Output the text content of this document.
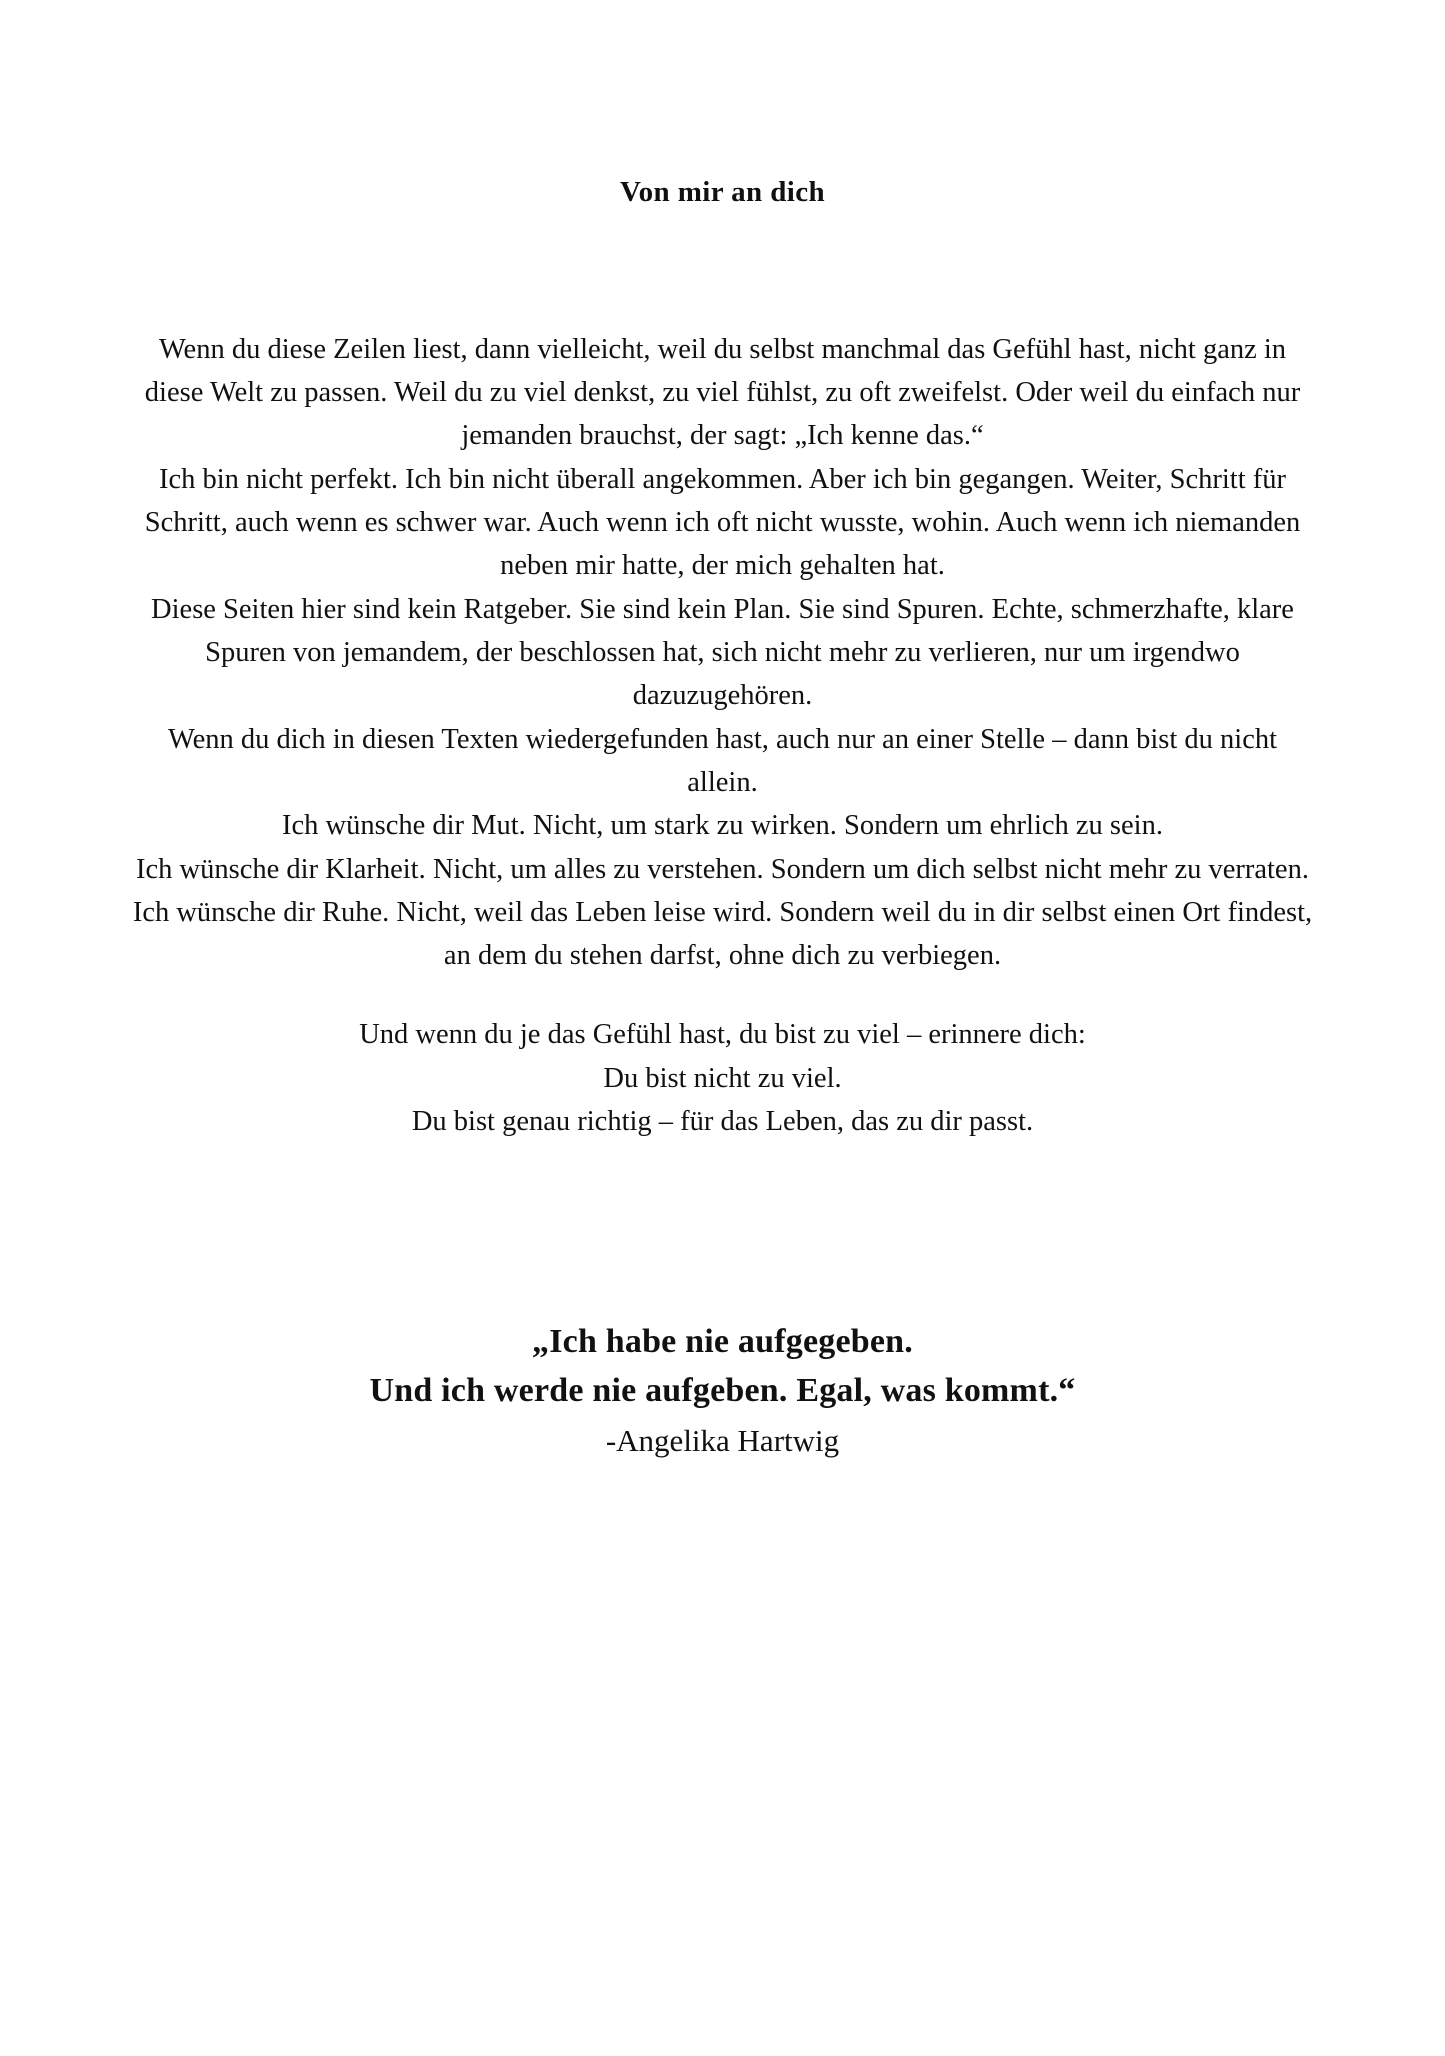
Von mir an dich

Wenn du diese Zeilen liest, dann vielleicht, weil du selbst manchmal das Gefühl hast, nicht ganz in diese Welt zu passen. Weil du zu viel denkst, zu viel fühlst, zu oft zweifelst. Oder weil du einfach nur jemanden brauchst, der sagt: „Ich kenne das.“

Ich bin nicht perfekt. Ich bin nicht überall angekommen. Aber ich bin gegangen. Weiter, Schritt für Schritt, auch wenn es schwer war. Auch wenn ich oft nicht wusste, wohin. Auch wenn ich niemanden neben mir hatte, der mich gehalten hat.

Diese Seiten hier sind kein Ratgeber. Sie sind kein Plan. Sie sind Spuren. Echte, schmerzhafte, klare Spuren von jemandem, der beschlossen hat, sich nicht mehr zu verlieren, nur um irgendwo dazuzugehören.

Wenn du dich in diesen Texten wiedergefunden hast, auch nur an einer Stelle – dann bist du nicht allein.

Ich wünsche dir Mut. Nicht, um stark zu wirken. Sondern um ehrlich zu sein.

Ich wünsche dir Klarheit. Nicht, um alles zu verstehen. Sondern um dich selbst nicht mehr zu verraten.

Ich wünsche dir Ruhe. Nicht, weil das Leben leise wird. Sondern weil du in dir selbst einen Ort findest, an dem du stehen darfst, ohne dich zu verbiegen.

Und wenn du je das Gefühl hast, du bist zu viel – erinnere dich:

Du bist nicht zu viel.

Du bist genau richtig – für das Leben, das zu dir passt.

„Ich habe nie aufgegeben.
Und ich werde nie aufgeben. Egal, was kommt.“
-Angelika Hartwig
